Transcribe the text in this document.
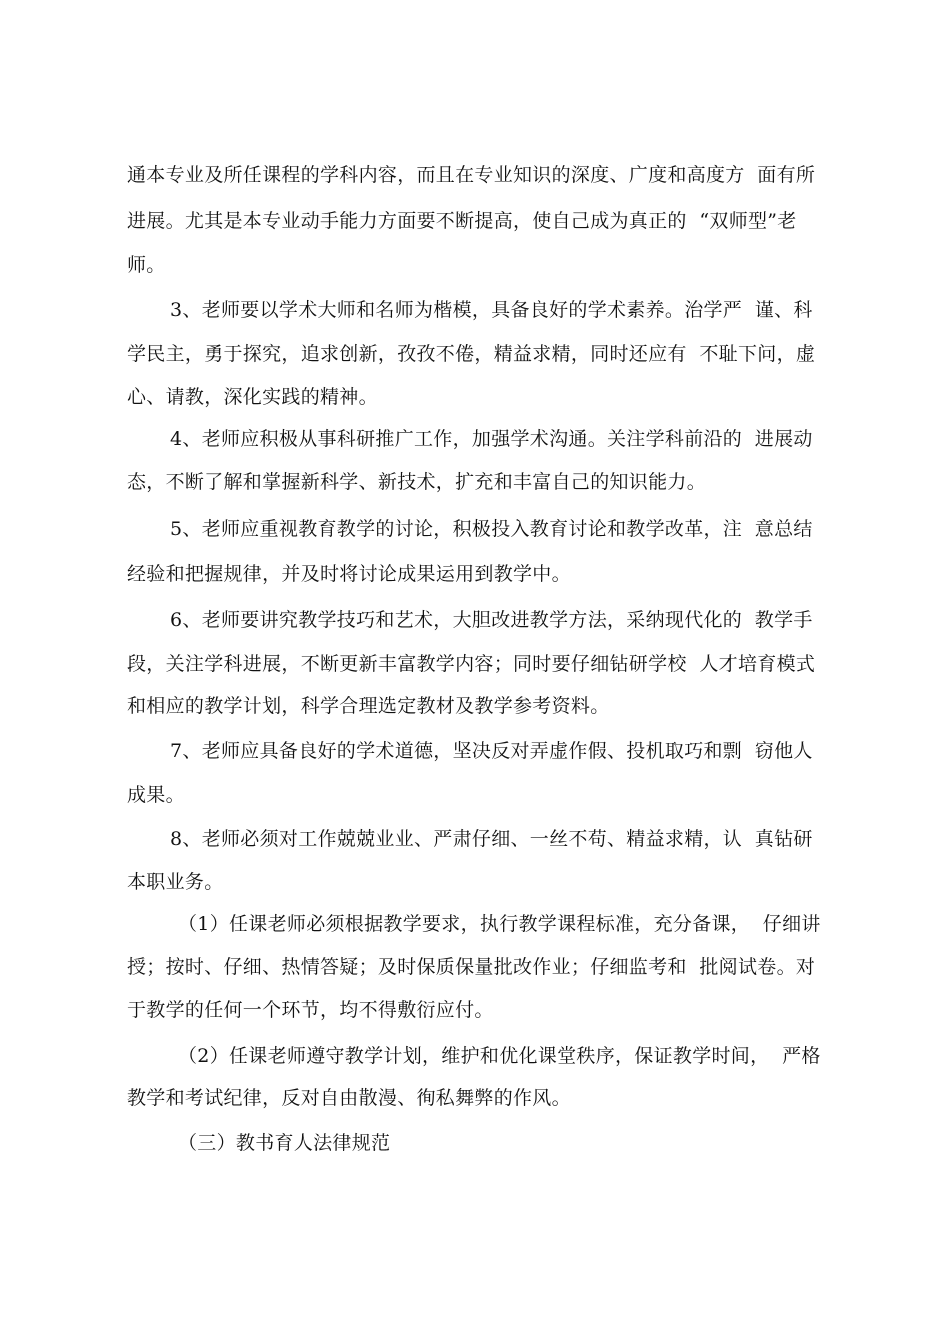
通本专业及所任课程的学科内容，而且在专业知识的深度、广度和高度方  面有所
进展。尤其是本专业动手能力方面要不断提高，使自己成为真正的  “双师型”老
师。
3、老师要以学术大师和名师为楷模，具备良好的学术素养。治学严  谨、科
学民主，勇于探究，追求创新，孜孜不倦，精益求精，同时还应有  不耻下问，虚
心、请教，深化实践的精神。
4、老师应积极从事科研推广工作，加强学术沟通。关注学科前沿的  进展动
态，不断了解和掌握新科学、新技术，扩充和丰富自己的知识能力。
5、老师应重视教育教学的讨论，积极投入教育讨论和教学改革，注  意总结
经验和把握规律，并及时将讨论成果运用到教学中。
6、老师要讲究教学技巧和艺术，大胆改进教学方法，采纳现代化的  教学手
段，关注学科进展，不断更新丰富教学内容；同时要仔细钻研学校  人才培育模式
和相应的教学计划，科学合理选定教材及教学参考资料。
7、老师应具备良好的学术道德，坚决反对弄虚作假、投机取巧和剽  窃他人
成果。
8、老师必须对工作兢兢业业、严肃仔细、一丝不苟、精益求精，认  真钻研
本职业务。
（1）任课老师必须根据教学要求，执行教学课程标准，充分备课，  仔细讲
授；按时、仔细、热情答疑；及时保质保量批改作业；仔细监考和  批阅试卷。对
于教学的任何一个环节，均不得敷衍应付。
（2）任课老师遵守教学计划，维护和优化课堂秩序，保证教学时间，  严格
教学和考试纪律，反对自由散漫、徇私舞弊的作风。
（三）教书育人法律规范
